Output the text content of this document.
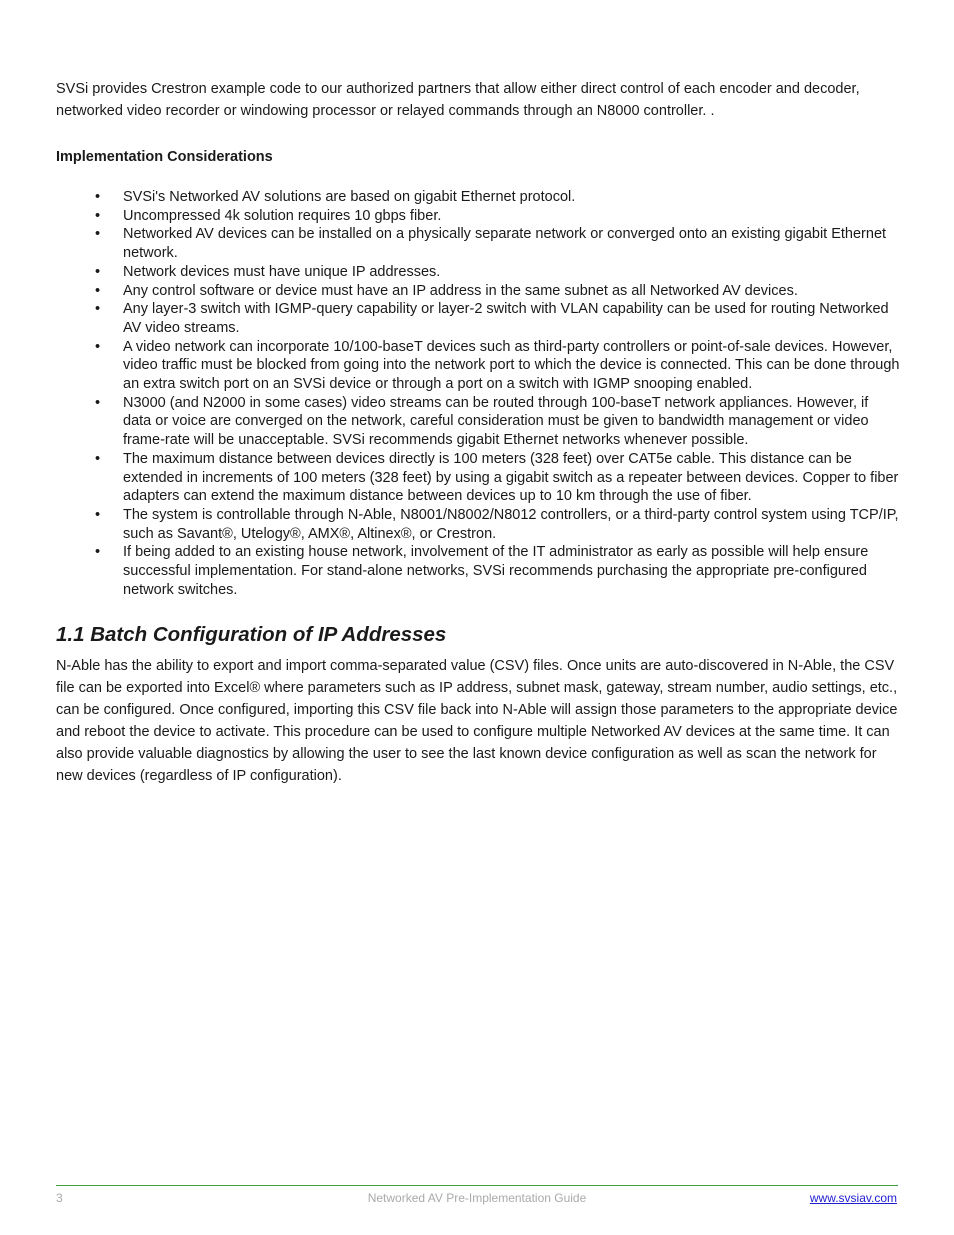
SVSi provides Crestron example code to our authorized partners that allow either direct control of each encoder and decoder, networked video recorder or windowing processor or relayed commands through an N8000 controller. .

Implementation Considerations
• SVSi's Networked AV solutions are based on gigabit Ethernet protocol.
• Uncompressed 4k solution requires 10 gbps fiber.
• Networked AV devices can be installed on a physically separate network or converged onto an existing gigabit Ethernet network.
• Network devices must have unique IP addresses.
• Any control software or device must have an IP address in the same subnet as all Networked AV devices.
• Any layer-3 switch with IGMP-query capability or layer-2 switch with VLAN capability can be used for routing Networked AV video streams.
• A video network can incorporate 10/100-baseT devices such as third-party controllers or point-of-sale devices. However, video traffic must be blocked from going into the network port to which the device is connected. This can be done through an extra switch port on an SVSi device or through a port on a switch with IGMP snooping enabled.
• N3000 (and N2000 in some cases) video streams can be routed through 100-baseT network appliances. However, if data or voice are converged on the network, careful consideration must be given to bandwidth management or video frame-rate will be unacceptable. SVSi recommends gigabit Ethernet networks whenever possible.
• The maximum distance between devices directly is 100 meters (328 feet) over CAT5e cable. This distance can be extended in increments of 100 meters (328 feet) by using a gigabit switch as a repeater between devices. Copper to fiber adapters can extend the maximum distance between devices up to 10 km through the use of fiber.
• The system is controllable through N-Able, N8001/N8002/N8012 controllers, or a third-party control system using TCP/IP, such as Savant®, Utelogy®, AMX®, Altinex®, or Crestron.
• If being added to an existing house network, involvement of the IT administrator as early as possible will help ensure successful implementation. For stand-alone networks, SVSi recommends purchasing the appropriate pre-configured network switches.
1.1 Batch Configuration of IP Addresses

N-Able has the ability to export and import comma-separated value (CSV) files. Once units are auto-discovered in N-Able, the CSV file can be exported into Excel® where parameters such as IP address, subnet mask, gateway, stream number, audio settings, etc., can be configured. Once configured, importing this CSV file back into N-Able will assign those parameters to the appropriate device and reboot the device to activate. This procedure can be used to configure multiple Networked AV devices at the same time. It can also provide valuable diagnostics by allowing the user to see the last known device configuration as well as scan the network for new devices (regardless of IP configuration).

3	Networked AV Pre-Implementation Guide	www.svsiav.com
